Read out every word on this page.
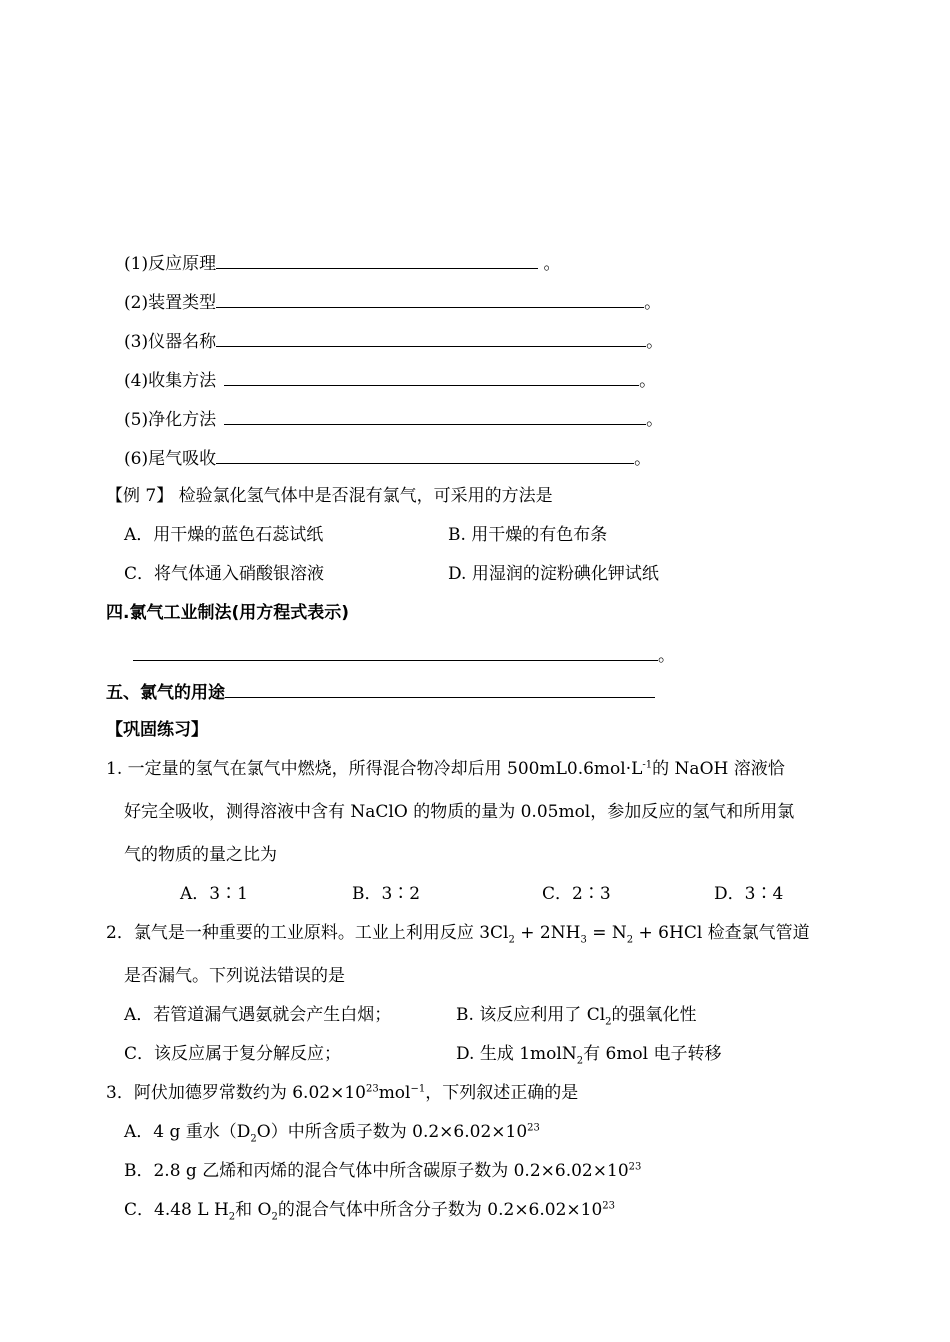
(1)反应原理	。
(2)装置类型	。
(3)仪器名称	。
(4)收集方法	。
(5)净化方法	。
(6)尾气吸收	。
【例 7】 检验氯化氢气体中是否混有氯气，可采用的方法是
A．用干燥的蓝色石蕊试纸	B. 用干燥的有色布条
C．将气体通入硝酸银溶液	D. 用湿润的淀粉碘化钾试纸
四.氯气工业制法(用方程式表示)
。
五、氯气的用途
【巩固练习】
1. 一定量的氢气在氯气中燃烧，所得混合物冷却后用 $500mL0.6mol\cdot L^{-1}$的 NaOH 溶液恰
好完全吸收，测得溶液中含有 NaClO 的物质的量为 0.05mol，参加反应的氢气和所用氯
气的物质的量之比为
A．3∶1	B．3∶2	C．2∶3	D．3∶4
2．氯气是一种重要的工业原料。工业上利用反应 $3Cl_2 + 2NH_3 = N_2 + 6HCl$ 检查氯气管道
是否漏气。下列说法错误的是
A．若管道漏气遇氨就会产生白烟；	B. 该反应利用了 $Cl_2$的强氧化性
C．该反应属于复分解反应；	D. 生成 1molN$_2$有 6mol 电子转移
3．阿伏加德罗常数约为 $6.02\times 10^{23}mol^{-1}$，下列叙述正确的是
A．4 g 重水$(D_2O)$中所含质子数为 $0.2\times 6.02\times 10^{23}$
B．2.8 g 乙烯和丙烯的混合气体中所含碳原子数为 $0.2\times 6.02\times 10^{23}$
C．4.48 L $H_2$和 $O_2$的混合气体中所含分子数为 $0.2\times 6.02\times 10^{23}$
